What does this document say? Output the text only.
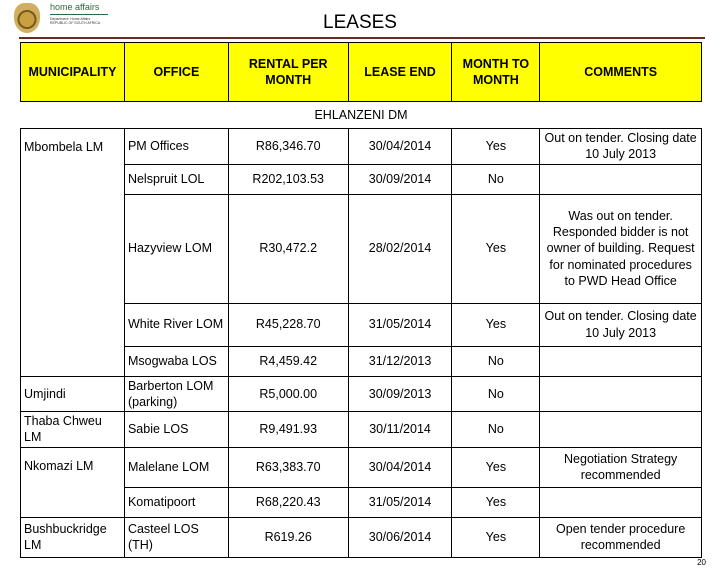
home affairs
Department: Home Affairs REPUBLIC OF SOUTH AFRICA	LEASES
MUNICIPALITY	OFFICE	RENTAL PER MONTH	LEASE END	MONTH TO MONTH	COMMENTS
EHLANZENI DM					
Mbombela LM	PM Offices	R86,346.70	30/04/2014	Yes	Out on tender. Closing date 10 July 2013
	Nelspruit LOL	R202,103.53	30/09/2014	No	
	Hazyview LOM	R30,472.2	28/02/2014	Yes	Was out on tender. Responded bidder is not owner of building. Request for nominated procedures to PWD Head Office
	White River LOM	R45,228.70	31/05/2014	Yes	Out on tender. Closing date 10 July 2013
	Msogwaba LOS	R4,459.42	31/12/2013	No	
Umjindi	Barberton LOM (parking)	R5,000.00	30/09/2013	No	
Thaba Chweu LM	Sabie LOS	R9,491.93	30/11/2014	No	
Nkomazi LM	Malelane LOM	R63,383.70	30/04/2014	Yes	Negotiation Strategy recommended
	Komatipoort	R68,220.43	31/05/2014	Yes	
Bushbuckridge LM	Casteel LOS (TH)	R619.26	30/06/2014	Yes	Open tender procedure recommended
20
